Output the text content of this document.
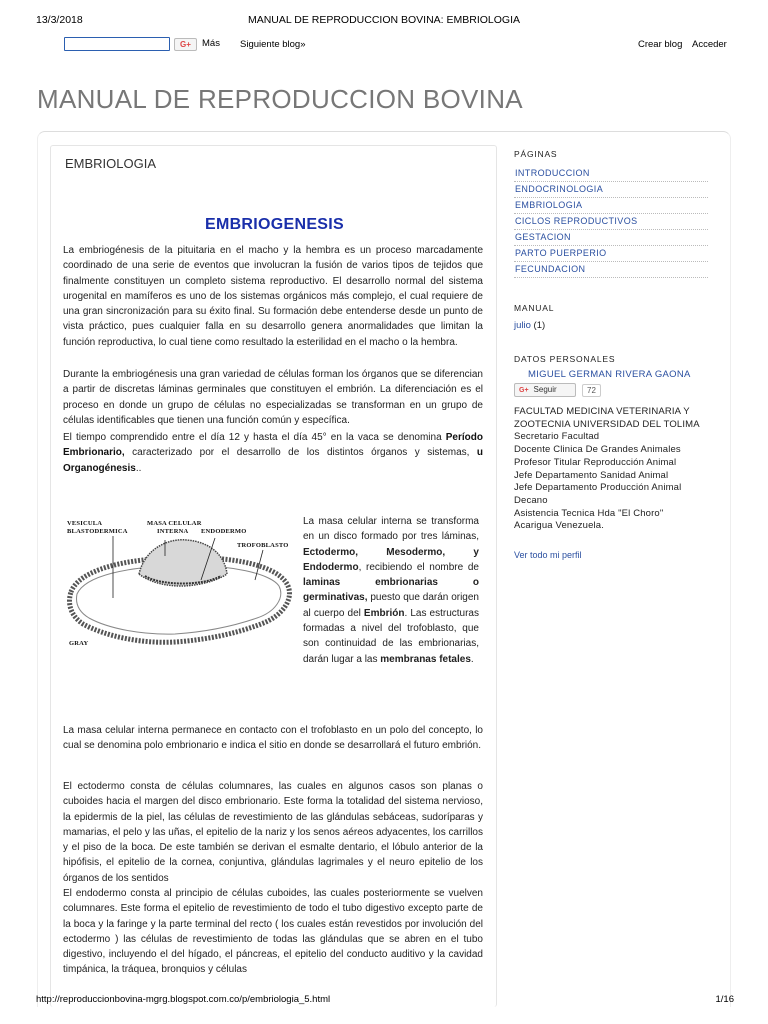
13/3/2018	MANUAL DE REPRODUCCION BOVINA: EMBRIOLOGIA
G+	Más Siguiente blog»	Crear blog Acceder
MANUAL DE REPRODUCCION BOVINA
EMBRIOLOGIA
EMBRIOGENESIS

La embriogénesis de la pituitaria en el macho y la hembra es un proceso marcadamente coordinado de una serie de eventos que involucran la fusión de varios tipos de tejidos que finalmente constituyen un completo sistema reproductivo. El desarrollo normal del sistema urogenital en mamíferos es uno de los sistemas orgánicos más complejo, el cual requiere de una gran sincronización para su éxito final. Su formación debe entenderse desde un punto de vista práctico, pues cualquier falla en su desarrollo genera anormalidades que limitan la función reproductiva, lo cual tiene como resultado la esterilidad en el macho o la hembra.

Durante la embriogénesis una gran variedad de células forman los órganos que se diferencian a partir de discretas láminas germinales que constituyen el embrión. La diferenciación es el proceso en donde un grupo de células no especializadas se transforman en un grupo de células identificables que tienen una función común y específica.

El tiempo comprendido entre el día 12 y hasta el día 45° en la vaca se denomina Período Embrionario, caracterizado por el desarrollo de los distintos órganos y sistemas, u Organogénesis..

VESICULA
BLASTODERMICA
MASA CELULAR
INTERNA ENDODERMO
TROFOBLASTO
GRAY

La masa celular interna se transforma en un disco formado por tres láminas, Ectodermo, Mesodermo, y Endodermo, recibiendo el nombre de laminas embrionarias o germinativas, puesto que darán origen al cuerpo del Embrión. Las estructuras formadas a nivel del trofoblasto, que son continuidad de las embrionarias, darán lugar a las membranas fetales.

La masa celular interna permanece en contacto con el trofoblasto en un polo del concepto, lo cual se denomina polo embrionario e indica el sitio en donde se desarrollará el futuro embrión.

El ectodermo consta de células columnares, las cuales en algunos casos son planas o cuboides hacia el margen del disco embrionario. Este forma la totalidad del sistema nervioso, la epidermis de la piel, las células de revestimiento de las glándulas sebáceas, sudoríparas y mamarias, el pelo y las uñas, el epitelio de la nariz y los senos aéreos adyacentes, los carrillos y el piso de la boca. De este también se derivan el esmalte dentario, el lóbulo anterior de la hipófisis, el epitelio de la cornea, conjuntiva, glándulas lagrimales y el neuro epitelio de los órganos de los sentidos

El endodermo consta al principio de células cuboides, las cuales posteriormente se vuelven columnares. Este forma el epitelio de revestimiento de todo el tubo digestivo excepto parte de la boca y la faringe y la parte terminal del recto ( los cuales están revestidos por involución del ectodermo ) las células de revestimiento de todas las glándulas que se abren en el tubo digestivo, incluyendo el del hígado, el páncreas, el epitelio del conducto auditivo y la cavidad timpánica, la tráquea, bronquios y células

PÁGINAS
INTRODUCCION
ENDOCRINOLOGIA
EMBRIOLOGIA
CICLOS REPRODUCTIVOS
GESTACION
PARTO PUERPERIO
FECUNDACION
MANUAL
julio (1)
DATOS PERSONALES
MIGUEL GERMAN RIVERA GAONA
G+ Seguir	72
FACULTAD MEDICINA VETERINARIA Y
ZOOTECNIA UNIVERSIDAD DEL TOLIMA
Secretario Facultad
Docente Clinica De Grandes Animales
Profesor Titular Reproducción Animal
Jefe Departamento Sanidad Animal
Jefe Departamento Producción Animal
Decano
Asistencia Tecnica Hda "El Choro"
Acarigua Venezuela.
Ver todo mi perfil
http://reproduccionbovina-mgrg.blogspot.com.co/p/embriologia_5.html	1/16
